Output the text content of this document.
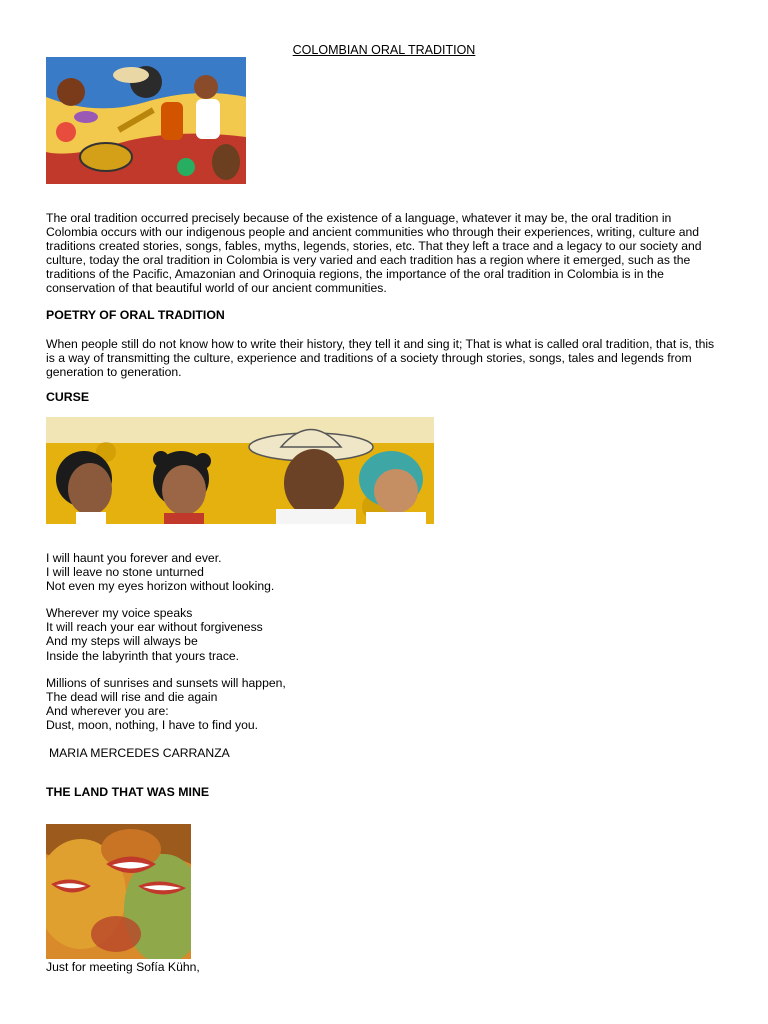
COLOMBIAN ORAL TRADITION

The oral tradition occurred precisely because of the existence of a language, whatever it may be, the oral tradition in Colombia occurs with our indigenous people and ancient communities who through their experiences, writing, culture and traditions created stories, songs, fables, myths, legends, stories, etc. That they left a trace and a legacy to our society and culture, today the oral tradition in Colombia is very varied and each tradition has a region where it emerged, such as the traditions of the Pacific, Amazonian and Orinoquia regions, the importance of the oral tradition in Colombia is in the conservation of that beautiful world of our ancient communities.

POETRY OF ORAL TRADITION

When people still do not know how to write their history, they tell it and sing it; That is what is called oral tradition, that is, this is a way of transmitting the culture, experience and traditions of a society through stories, songs, tales and legends from generation to generation.

CURSE

I will haunt you forever and ever.
I will leave no stone unturned
Not even my eyes horizon without looking.
Wherever my voice speaks
It will reach your ear without forgiveness
And my steps will always be
Inside the labyrinth that yours trace.
Millions of sunrises and sunsets will happen,
The dead will rise and die again
And wherever you are:
Dust, moon, nothing, I have to find you.
MARIA MERCEDES CARRANZA

THE LAND THAT WAS MINE

Just for meeting Sofía Kühn,
